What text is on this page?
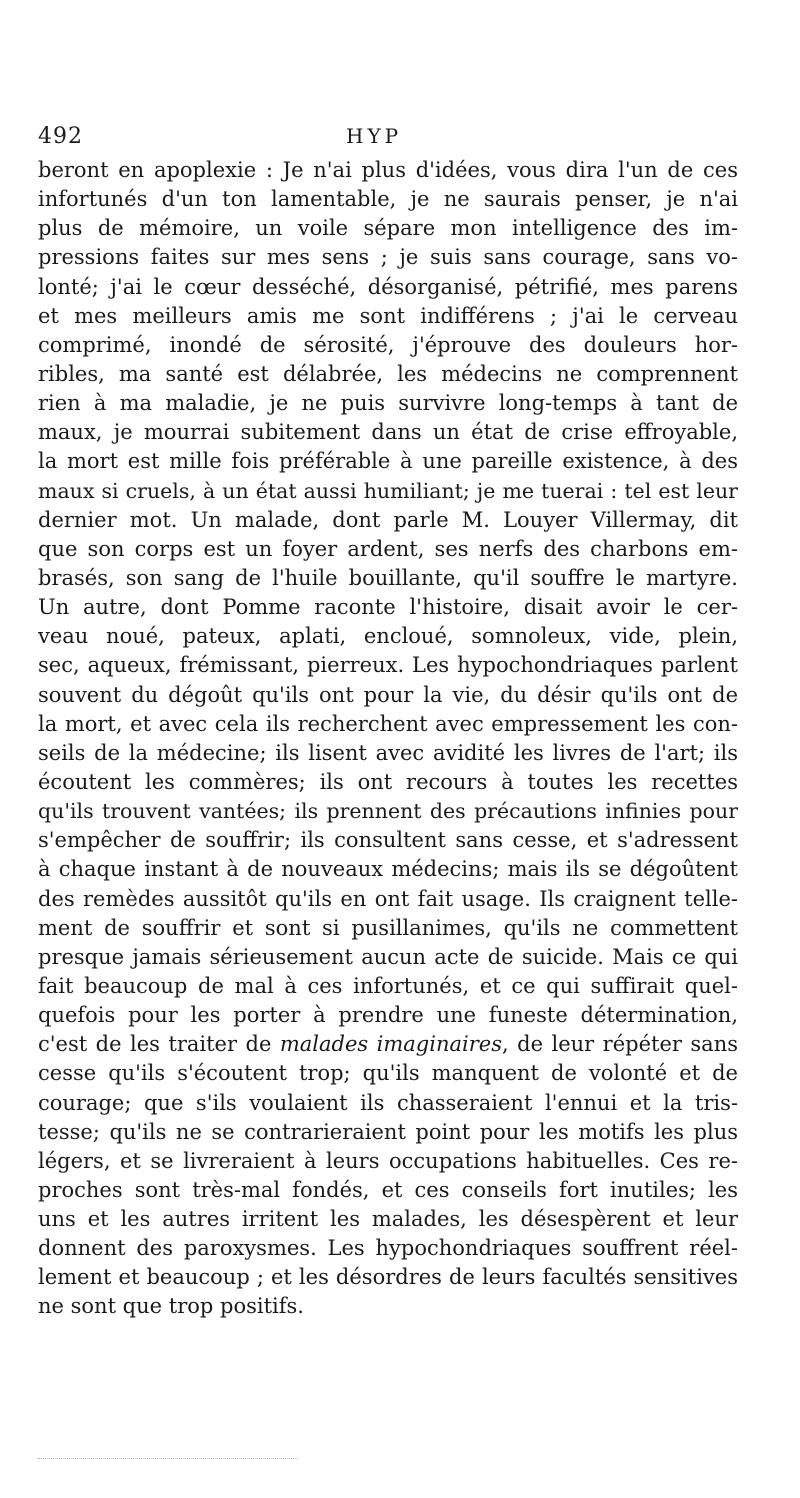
492	HYP
beront en apoplexie : Je n'ai plus d'idées, vous dira l'un de ces
infortunés d'un ton lamentable, je ne saurais penser, je n'ai
plus de mémoire, un voile sépare mon intelligence des im-
pressions faites sur mes sens ; je suis sans courage, sans vo-
lonté; j'ai le cœur desséché, désorganisé, pétrifié, mes parens
et mes meilleurs amis me sont indifférens ; j'ai le cerveau
comprimé, inondé de sérosité, j'éprouve des douleurs hor-
ribles, ma santé est délabrée, les médecins ne comprennent
rien à ma maladie, je ne puis survivre long-temps à tant de
maux, je mourrai subitement dans un état de crise effroyable,
la mort est mille fois préférable à une pareille existence, à des
maux si cruels, à un état aussi humiliant; je me tuerai : tel est leur
dernier mot. Un malade, dont parle M. Louyer Villermay, dit
que son corps est un foyer ardent, ses nerfs des charbons em-
brasés, son sang de l'huile bouillante, qu'il souffre le martyre.
Un autre, dont Pomme raconte l'histoire, disait avoir le cer-
veau noué, pateux, aplati, encloué, somnoleux, vide, plein,
sec, aqueux, frémissant, pierreux. Les hypochondriaques parlent
souvent du dégoût qu'ils ont pour la vie, du désir qu'ils ont de
la mort, et avec cela ils recherchent avec empressement les con-
seils de la médecine; ils lisent avec avidité les livres de l'art; ils
écoutent les commères; ils ont recours à toutes les recettes
qu'ils trouvent vantées; ils prennent des précautions infinies pour
s'empêcher de souffrir; ils consultent sans cesse, et s'adressent
à chaque instant à de nouveaux médecins; mais ils se dégoûtent
des remèdes aussitôt qu'ils en ont fait usage. Ils craignent telle-
ment de souffrir et sont si pusillanimes, qu'ils ne commettent
presque jamais sérieusement aucun acte de suicide. Mais ce qui
fait beaucoup de mal à ces infortunés, et ce qui suffirait quel-
quefois pour les porter à prendre une funeste détermination,
c'est de les traiter de malades imaginaires, de leur répéter sans
cesse qu'ils s'écoutent trop; qu'ils manquent de volonté et de
courage; que s'ils voulaient ils chasseraient l'ennui et la tris-
tesse; qu'ils ne se contrarieraient point pour les motifs les plus
légers, et se livreraient à leurs occupations habituelles. Ces re-
proches sont très-mal fondés, et ces conseils fort inutiles; les
uns et les autres irritent les malades, les désespèrent et leur
donnent des paroxysmes. Les hypochondriaques souffrent réel-
lement et beaucoup ; et les désordres de leurs facultés sensitives
ne sont que trop positifs.
